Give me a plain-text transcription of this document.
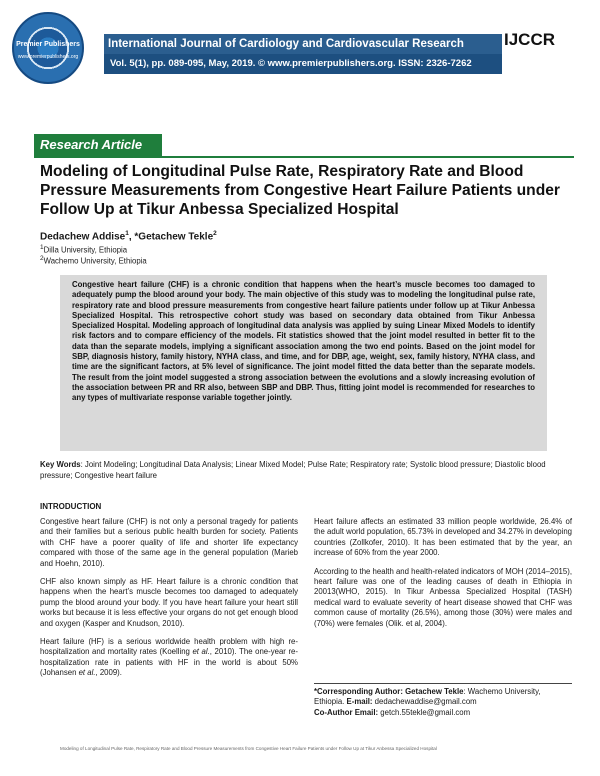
Premier Publishers
www.premierpublishers.org
International Journal of Cardiology and Cardiovascular Research
Vol. 5(1), pp. 089-095, May, 2019. © www.premierpublishers.org. ISSN: 2326-7262
IJCCR
Research Article
Modeling of Longitudinal Pulse Rate, Respiratory Rate and Blood Pressure Measurements from Congestive Heart Failure Patients under Follow Up at Tikur Anbessa Specialized Hospital
Dedachew Addise$^1$, *Getachew Tekle$^2$
$^1$Dilla University, Ethiopia
$^2$Wachemo University, Ethiopia
Congestive heart failure (CHF) is a chronic condition that happens when the heart’s muscle becomes too damaged to adequately pump the blood around your body. The main objective of this study was to modeling the longitudinal pulse rate, respiratory rate and blood pressure measurements from congestive heart failure patients under follow up at Tikur Anbessa Specialized Hospital. This retrospective cohort study was based on secondary data obtained from Tikur Anbessa Specialized Hospital. Modeling approach of longitudinal data analysis was applied by suing Linear Mixed Models to identify risk factors and to compare efficiency of the models. Fit statistics showed that the joint model resulted in better fit to the data than the separate models, implying a significant association among the two end points. Based on the joint model for SBP, diagnosis history, family history, NYHA class, and time, and for DBP, age, weight, sex, family history, NYHA class, and time are the significant factors, at 5% level of significance. The joint model fitted the data better than the separate models. The result from the joint model suggested a strong association between the evolutions and a slowly increasing evolution of the association between PR and RR also, between SBP and DBP. Thus, fitting joint model is recommended for researches to any types of multivariate response variable together jointly.
Key Words: Joint Modeling; Longitudinal Data Analysis; Linear Mixed Model; Pulse Rate; Respiratory rate; Systolic blood pressure; Diastolic blood pressure; Congestive heart failure
INTRODUCTION

Congestive heart failure (CHF) is not only a personal tragedy for patients and their families but a serious public health burden for society. Patients with CHF have a poorer quality of life and shorter life expectancy compared with those of the same age in the general population (Marieb and Hoehn, 2010).

CHF also known simply as HF. Heart failure is a chronic condition that happens when the heart’s muscle becomes too damaged to adequately pump the blood around your body. If you have heart failure your heart still works but because it is less effective your organs do not get enough blood and oxygen (Kasper and Knudson, 2010).

Heart failure (HF) is a serious worldwide health problem with high re-hospitalization and mortality rates (Koelling et al., 2010). The one-year re-hospitalization rate in patients with HF in the world is about 50% (Johansen et al., 2009).

Heart failure affects an estimated 33 million people worldwide, 26.4% of the adult world population, 65.73% in developed and 34.27% in developing countries (Zollkofer, 2010). It has been estimated that by the year, an increase of 60% from the year 2000.

According to the health and health-related indicators of MOH (2014–2015), heart failure was one of the leading causes of death in Ethiopia in 20013(WHO, 2015). In Tikur Anbessa Specialized Hospital (TASH) medical ward to evaluate severity of heart disease showed that CHF was common cause of mortality (26.5%), among those (30%) were males and (70%) were females (Olik. et al, 2004).

*Corresponding Author: Getachew Tekle: Wachemo University, Ethiopia. E-mail: dedachewaddise@gmail.com
Co-Author Email: getch.55tekle@gmail.com
Modeling of Longitudinal Pulse Rate, Respiratory Rate and Blood Pressure Measurements from Congestive Heart Failure Patients under Follow Up at Tikur Anbessa Specialized Hospital
